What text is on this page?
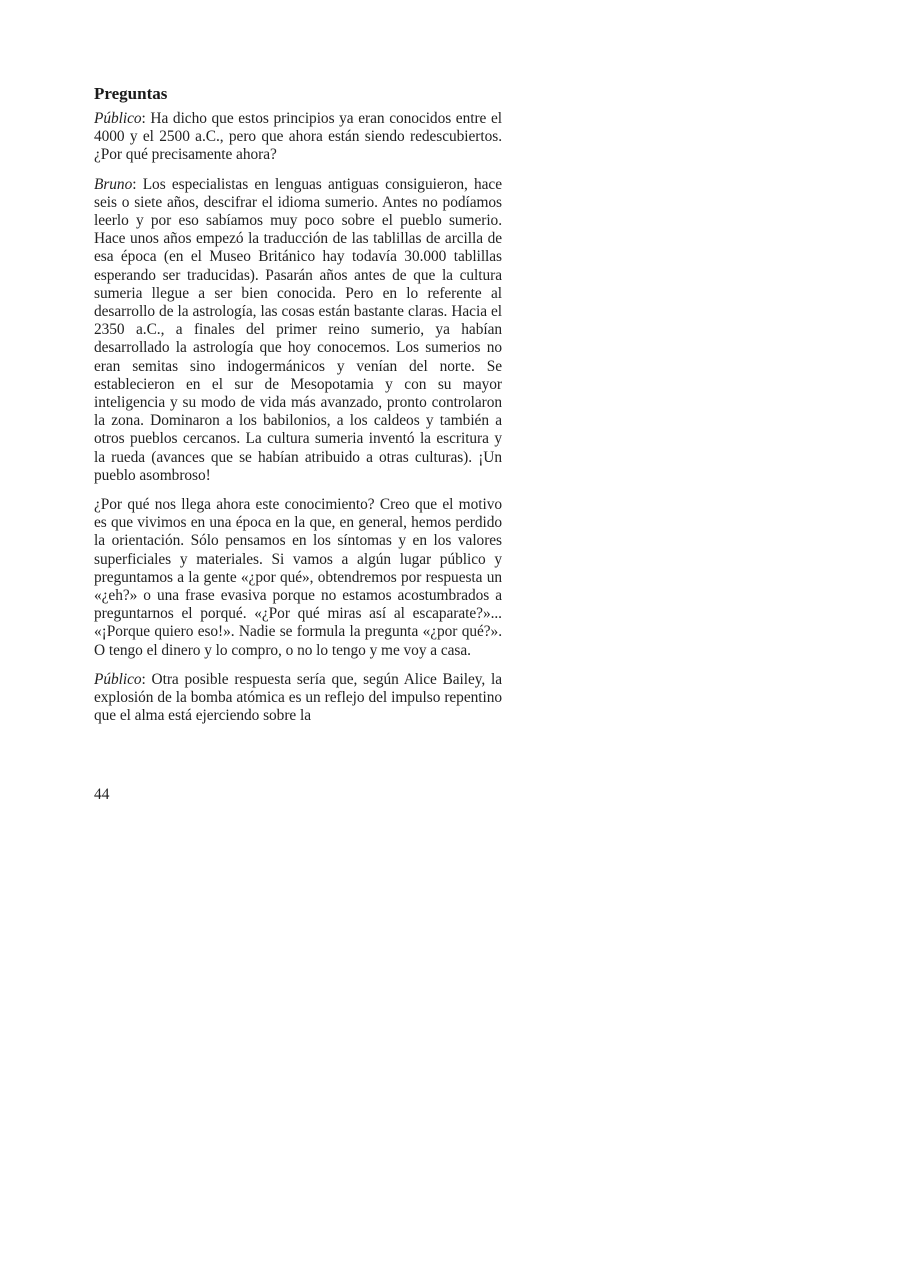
Preguntas

Público: Ha dicho que estos principios ya eran conocidos entre el 4000 y el 2500 a.C., pero que ahora están siendo redescubiertos. ¿Por qué precisamente ahora?

Bruno: Los especialistas en lenguas antiguas consiguieron, hace seis o siete años, descifrar el idioma sumerio. Antes no podíamos leerlo y por eso sabíamos muy poco sobre el pueblo sumerio. Hace unos años empezó la traducción de las tablillas de arcilla de esa época (en el Museo Británico hay todavía 30.000 tablillas esperando ser traducidas). Pasarán años antes de que la cultura sumeria llegue a ser bien conocida. Pero en lo referente al desarrollo de la astrología, las cosas están bastante claras. Hacia el 2350 a.C., a finales del primer reino sumerio, ya habían desarrollado la astrología que hoy conocemos. Los sumerios no eran semitas sino indogermánicos y venían del norte. Se establecieron en el sur de Mesopotamia y con su mayor inteligencia y su modo de vida más avanzado, pronto controlaron la zona. Dominaron a los babilonios, a los caldeos y también a otros pueblos cercanos. La cultura sumeria inventó la escritura y la rueda (avances que se habían atribuido a otras culturas). ¡Un pueblo asombroso!

¿Por qué nos llega ahora este conocimiento? Creo que el motivo es que vivimos en una época en la que, en general, hemos perdido la orientación. Sólo pensamos en los síntomas y en los valores superficiales y materiales. Si vamos a algún lugar público y preguntamos a la gente «¿por qué», obtendremos por respuesta un «¿eh?» o una frase evasiva porque no estamos acostumbrados a preguntarnos el porqué. «¿Por qué miras así al escaparate?»... «¡Porque quiero eso!». Nadie se formula la pregunta «¿por qué?». O tengo el dinero y lo compro, o no lo tengo y me voy a casa.

Público: Otra posible respuesta sería que, según Alice Bailey, la explosión de la bomba atómica es un reflejo del impulso repentino que el alma está ejerciendo sobre la

44
